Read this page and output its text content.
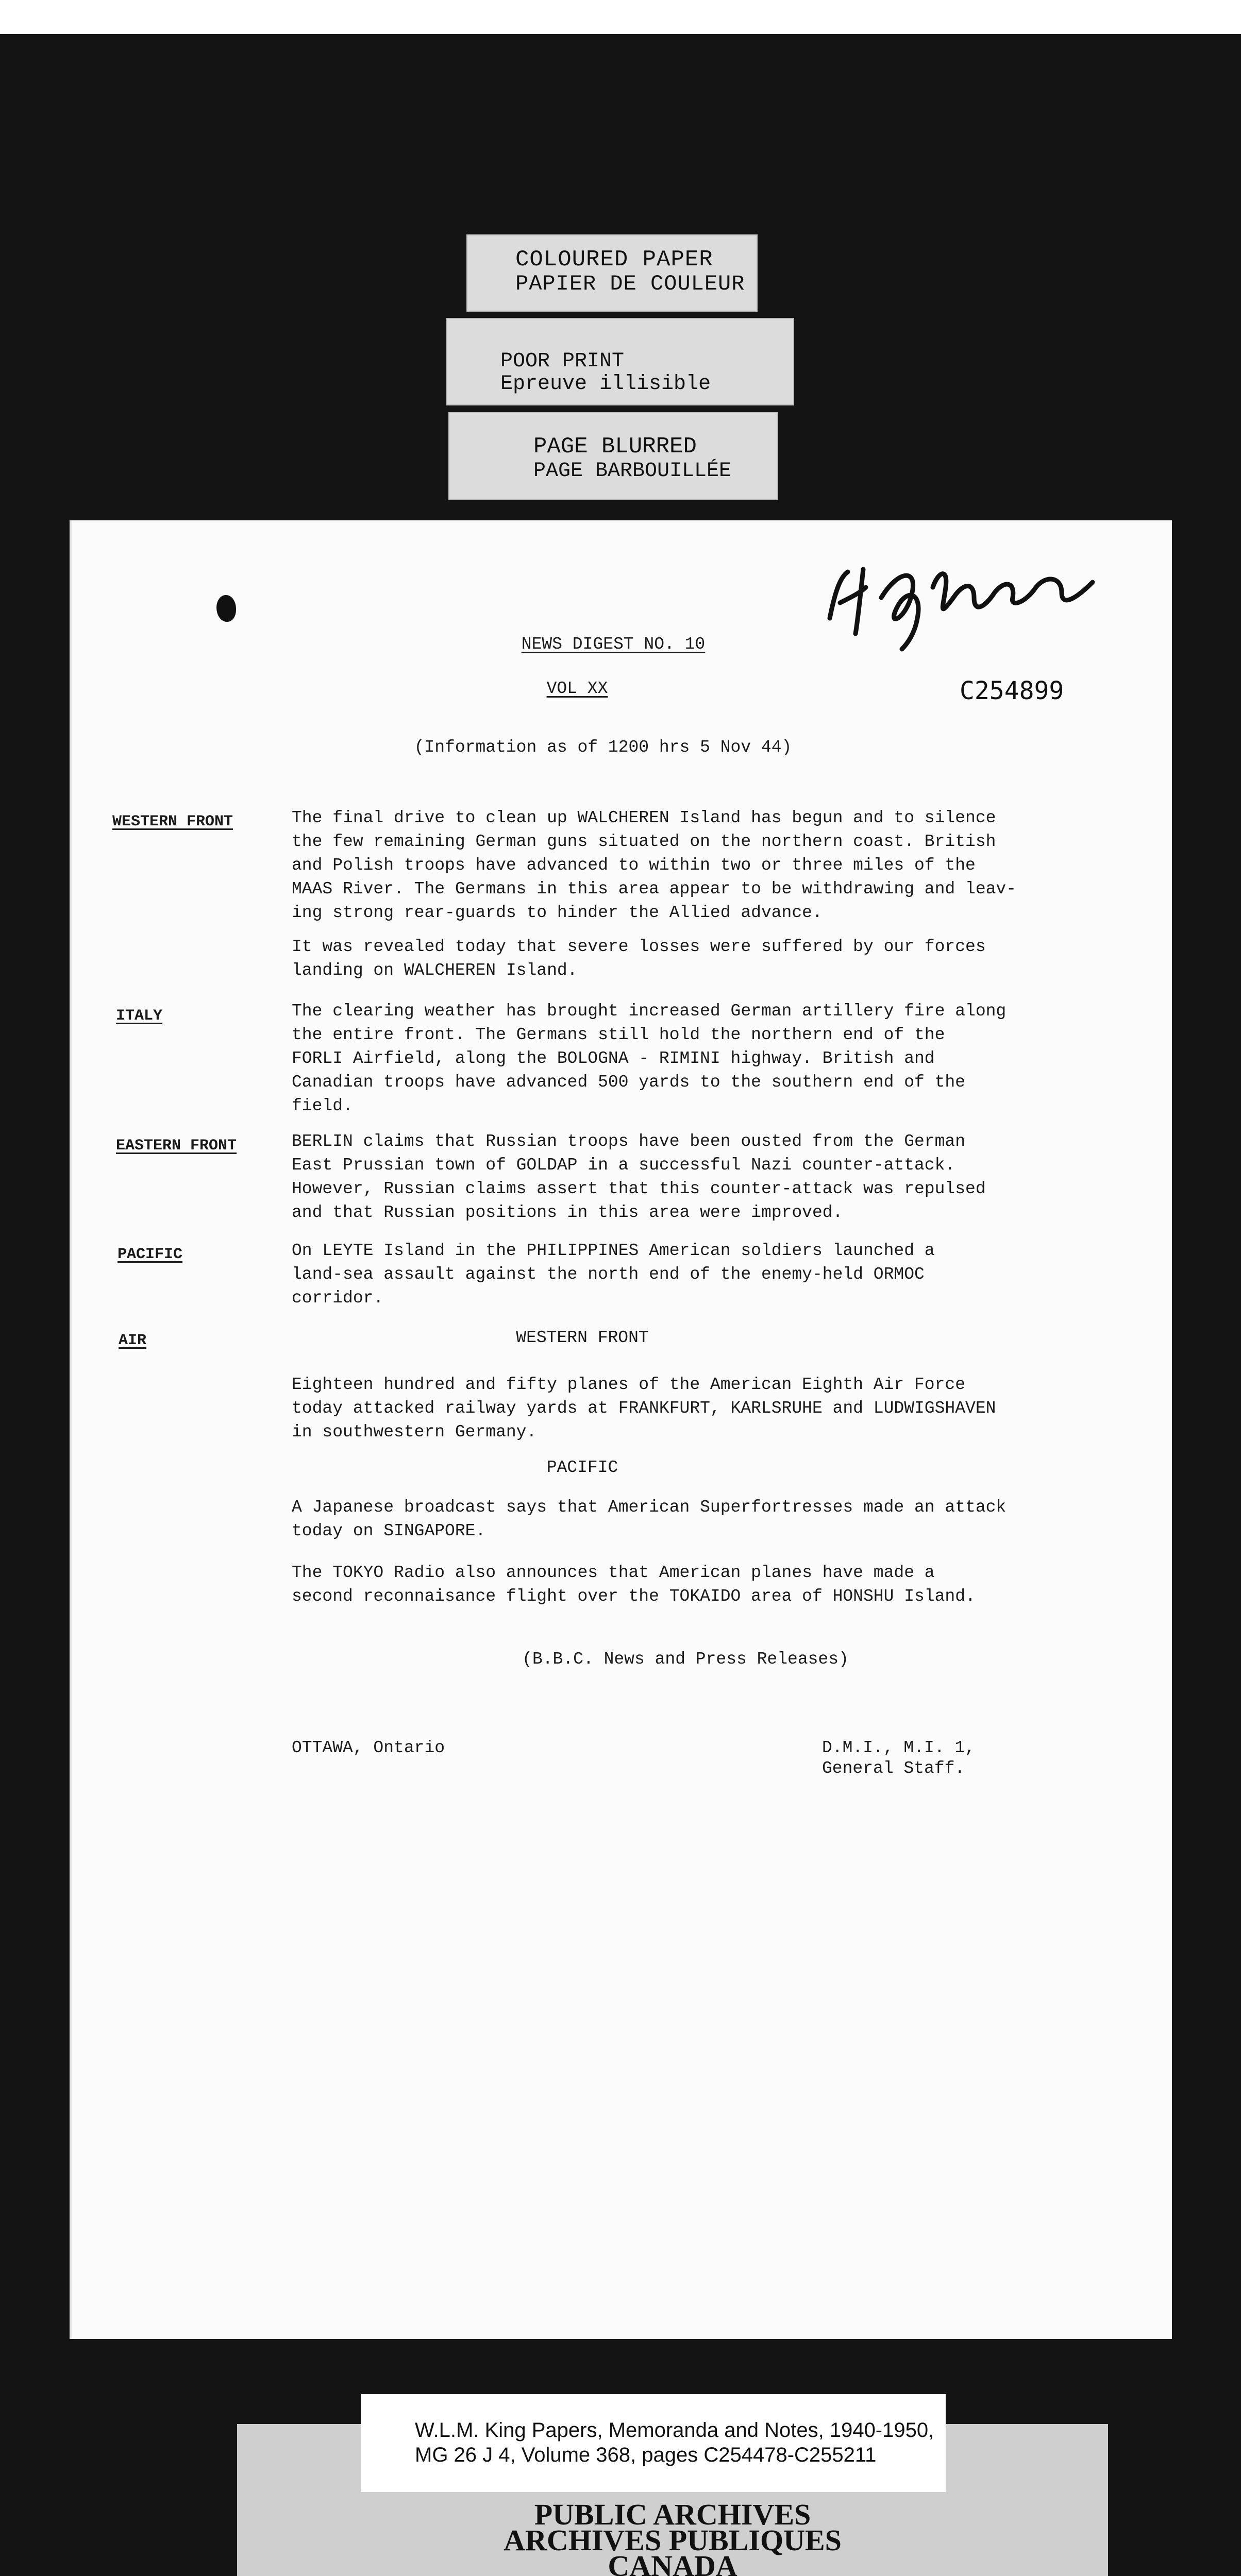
COLOURED PAPER
PAPIER DE COULEUR
POOR PRINT
Epreuve illisible
PAGE BLURRED
PAGE BARBOUILLÉE
NEWS DIGEST NO. 10
VOL XX	C254899
(Information as of 1200 hrs 5 Nov 44)
WESTERN FRONT	The final drive to clean up WALCHEREN Island has begun and to silence
the few remaining German guns situated on the northern coast. British
and Polish troops have advanced to within two or three miles of the
MAAS River. The Germans in this area appear to be withdrawing and leav-
ing strong rear-guards to hinder the Allied advance.
It was revealed today that severe losses were suffered by our forces
landing on WALCHEREN Island.
ITALY	The clearing weather has brought increased German artillery fire along
the entire front. The Germans still hold the northern end of the
FORLI Airfield, along the BOLOGNA - RIMINI highway. British and
Canadian troops have advanced 500 yards to the southern end of the
field.
EASTERN FRONT	BERLIN claims that Russian troops have been ousted from the German
East Prussian town of GOLDAP in a successful Nazi counter-attack.
However, Russian claims assert that this counter-attack was repulsed
and that Russian positions in this area were improved.
PACIFIC	On LEYTE Island in the PHILIPPINES American soldiers launched a
land-sea assault against the north end of the enemy-held ORMOC
corridor.
AIR	WESTERN FRONT
Eighteen hundred and fifty planes of the American Eighth Air Force
today attacked railway yards at FRANKFURT, KARLSRUHE and LUDWIGSHAVEN
in southwestern Germany.
PACIFIC
A Japanese broadcast says that American Superfortresses made an attack
today on SINGAPORE.
The TOKYO Radio also announces that American planes have made a
second reconnaisance flight over the TOKAIDO area of HONSHU Island.
(B.B.C. News and Press Releases)
OTTAWA, Ontario	D.M.I., M.I. 1,
General Staff.
PUBLIC ARCHIVES
ARCHIVES PUBLIQUES
CANADA
W.L.M. King Papers, Memoranda and Notes, 1940-1950,
MG 26 J 4, Volume 368, pages C254478-C255211
